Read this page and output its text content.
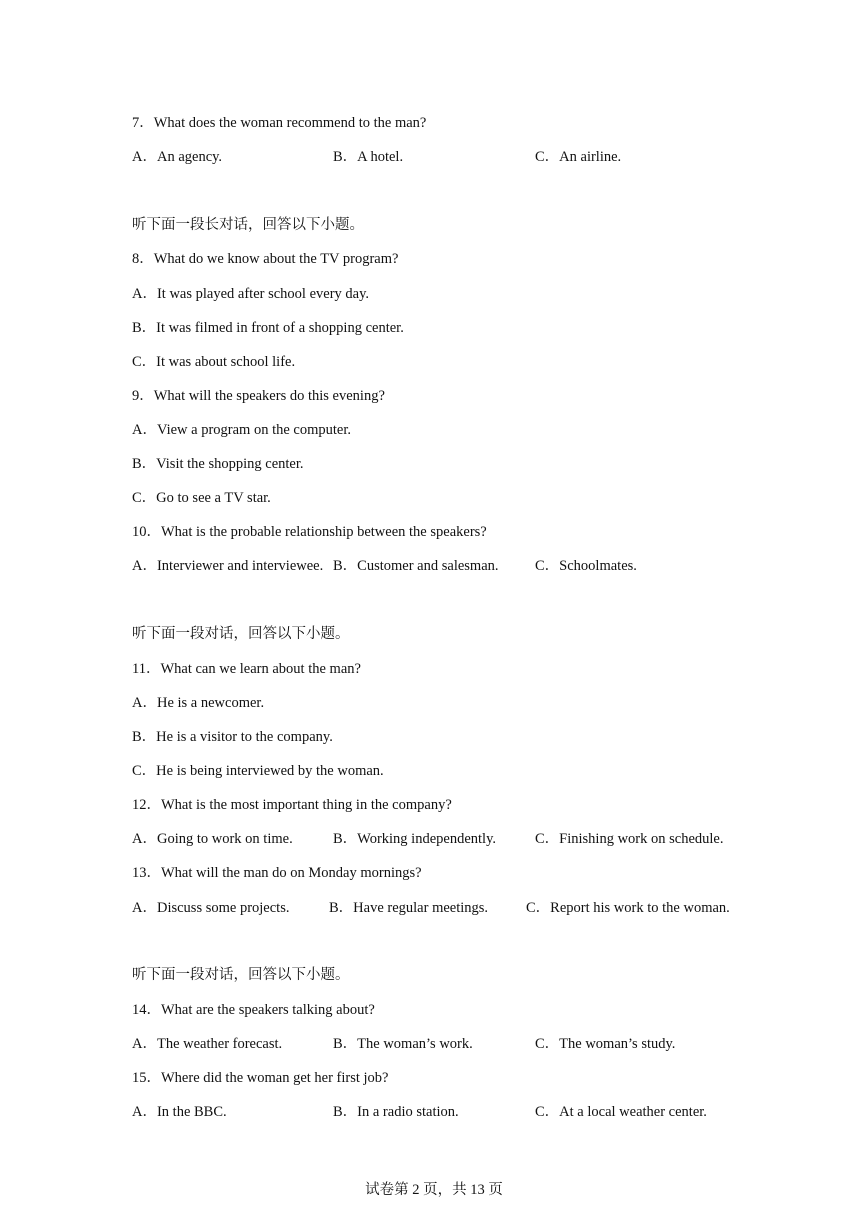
7．What does the woman recommend to the man?
A．An agency.	B．A hotel.	C．An airline.
听下面一段长对话，回答以下小题。
8．What do we know about the TV program?
A．It was played after school every day.
B．It was filmed in front of a shopping center.
C．It was about school life.
9．What will the speakers do this evening?
A．View a program on the computer.
B．Visit the shopping center.
C．Go to see a TV star.
10．What is the probable relationship between the speakers?
A．Interviewer and interviewee. B．Customer and salesman.	C．Schoolmates.
听下面一段对话，回答以下小题。
11．What can we learn about the man?
A．He is a newcomer.
B．He is a visitor to the company.
C．He is being interviewed by the woman.
12．What is the most important thing in the company?
A．Going to work on time.	B．Working independently.	C．Finishing work on schedule.
13．What will the man do on Monday mornings?
A．Discuss some projects.	B．Have regular meetings.	C．Report his work to the woman.
听下面一段对话，回答以下小题。
14．What are the speakers talking about?
A．The weather forecast.	B．The woman’s work.	C．The woman’s study.
15．Where did the woman get her first job?
A．In the BBC.	B．In a radio station.	C．At a local weather center.
试卷第 2 页，共 13 页
